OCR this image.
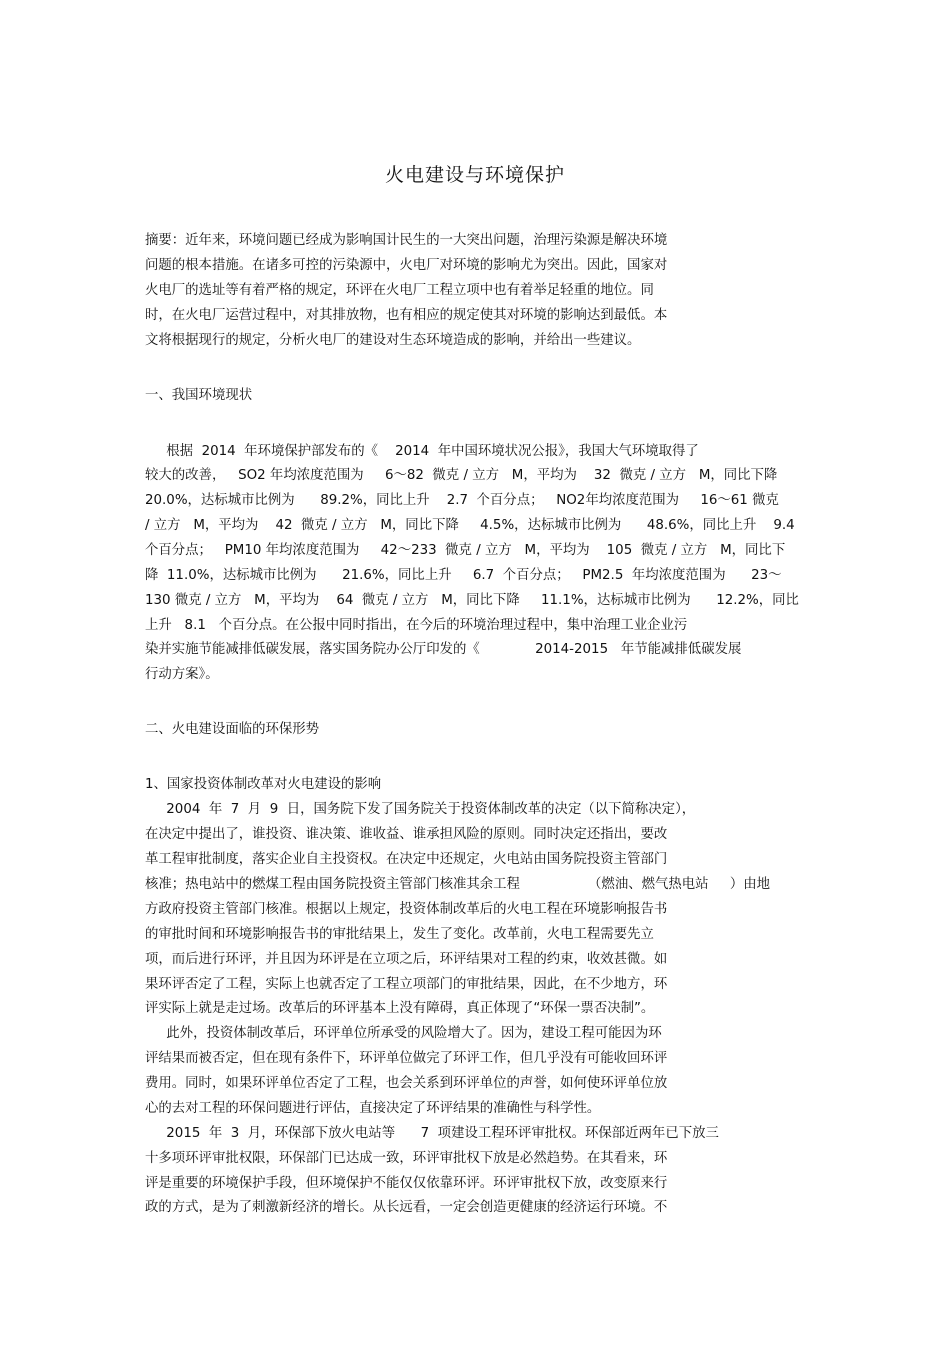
火电建设与环境保护
摘要：近年来，环境问题已经成为影响国计民生的一大突出问题，治理污染源是解决环境
问题的根本措施。在诸多可控的污染源中，火电厂对环境的影响尤为突出。因此，国家对
火电厂的选址等有着严格的规定，环评在火电厂工程立项中也有着举足轻重的地位。同
时，在火电厂运营过程中，对其排放物，也有相应的规定使其对环境的影响达到最低。本
文将根据现行的规定，分析火电厂的建设对生态环境造成的影响，并给出一些建议。
一、我国环境现状
根据  2014  年环境保护部发布的《    2014  年中国环境状况公报》，我国大气环境取得了
较大的改善，   SO2 年均浓度范围为     6～82  微克 / 立方   M，平均为    32  微克 / 立方   M，同比下降
20.0%，达标城市比例为      89.2%，同比上升    2.7  个百分点；   NO2年均浓度范围为     16～61 微克
/ 立方   M，平均为    42  微克 / 立方   M，同比下降     4.5%，达标城市比例为      48.6%，同比上升    9.4
个百分点；   PM10 年均浓度范围为     42～233  微克 / 立方   M，平均为    105  微克 / 立方   M，同比下
降  11.0%，达标城市比例为      21.6%，同比上升     6.7  个百分点；   PM2.5  年均浓度范围为      23～
130 微克 / 立方   M，平均为    64  微克 / 立方   M，同比下降     11.1%，达标城市比例为      12.2%，同比
上升   8.1   个百分点。在公报中同时指出，在今后的环境治理过程中，集中治理工业企业污
染并实施节能减排低碳发展，落实国务院办公厅印发的《             2014-2015   年节能减排低碳发展
行动方案》。
二、火电建设面临的环保形势
1、国家投资体制改革对火电建设的影响
2004  年  7  月  9  日，国务院下发了国务院关于投资体制改革的决定（以下简称决定），
在决定中提出了，谁投资、谁决策、谁收益、谁承担风险的原则。同时决定还指出，要改
革工程审批制度，落实企业自主投资权。在决定中还规定，火电站由国务院投资主管部门
核准；热电站中的燃煤工程由国务院投资主管部门核准其余工程                （燃油、燃气热电站     ）由地
方政府投资主管部门核准。根据以上规定，投资体制改革后的火电工程在环境影响报告书
的审批时间和环境影响报告书的审批结果上，发生了变化。改革前，火电工程需要先立
项，而后进行环评，并且因为环评是在立项之后，环评结果对工程的约束，收效甚微。如
果环评否定了工程，实际上也就否定了工程立项部门的审批结果，因此，在不少地方，环
评实际上就是走过场。改革后的环评基本上没有障碍，真正体现了“环保一票否决制”。
此外，投资体制改革后，环评单位所承受的风险增大了。因为，建设工程可能因为环
评结果而被否定，但在现有条件下，环评单位做完了环评工作，但几乎没有可能收回环评
费用。同时，如果环评单位否定了工程，也会关系到环评单位的声誉，如何使环评单位放
心的去对工程的环保问题进行评估，直接决定了环评结果的准确性与科学性。
2015  年  3  月，环保部下放火电站等      7  项建设工程环评审批权。环保部近两年已下放三
十多项环评审批权限，环保部门已达成一致，环评审批权下放是必然趋势。在其看来，环
评是重要的环境保护手段，但环境保护不能仅仅依靠环评。环评审批权下放，改变原来行
政的方式，是为了刺激新经济的增长。从长远看，一定会创造更健康的经济运行环境。不
